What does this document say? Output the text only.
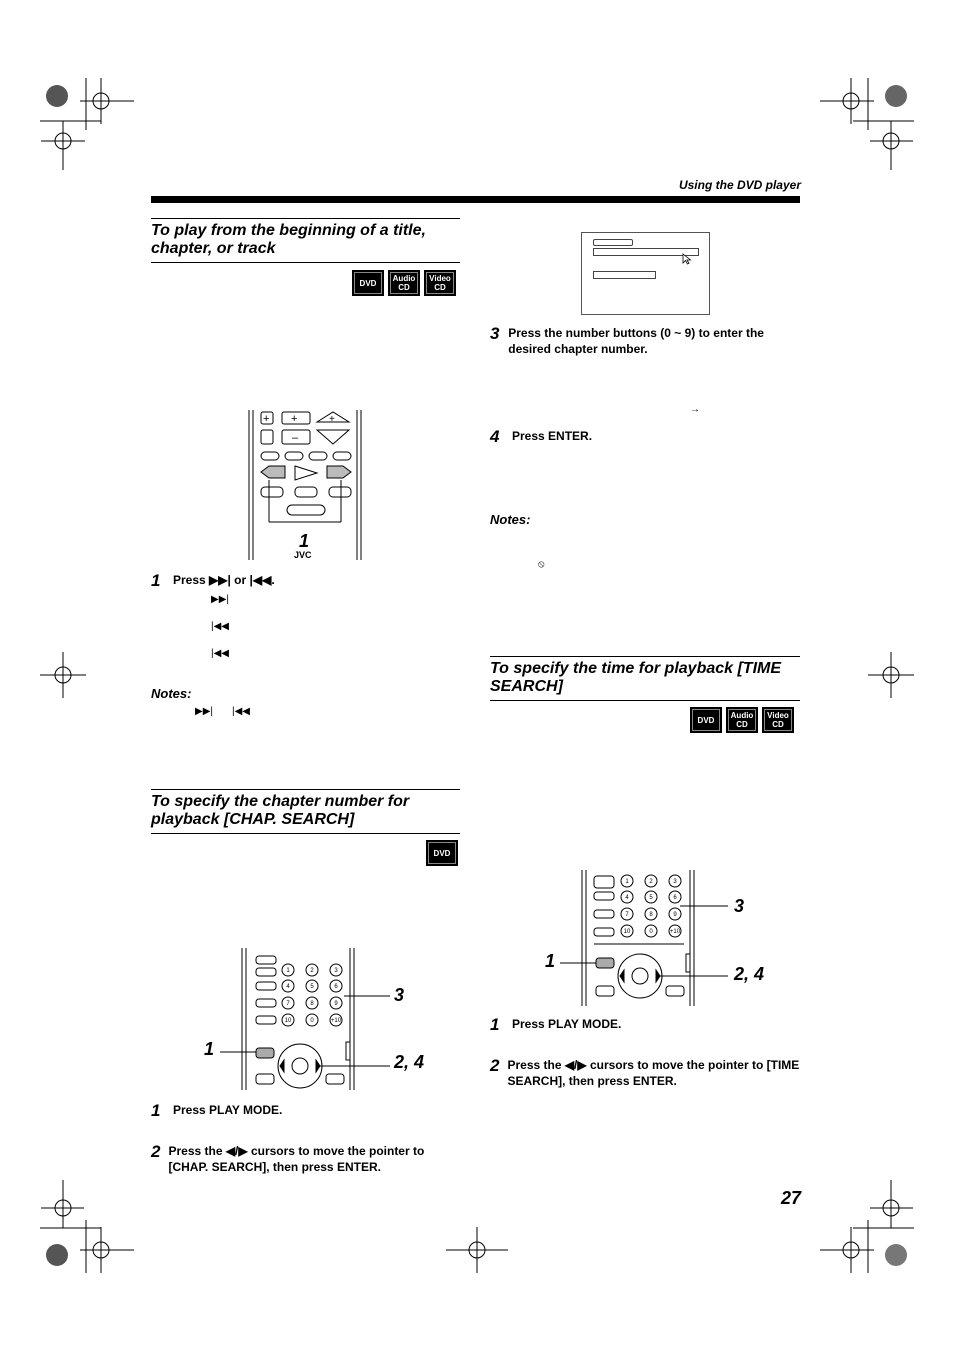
Using the DVD player
To play from the beginning of a title, chapter, or track
DVD Audio
CD
Video
CD
+ +	+
–
1
JVC
1	Press ▶▶| or |◀◀.
▶▶|
|◀◀
|◀◀
Notes:
▶▶| |◀◀
To specify the chapter number for playback [CHAP. SEARCH]
DVD
1	2	3
4	5	6
7	8	9
10	0	+10
1
3
2, 4
1	Press PLAY MODE.
2 Press the ◀/▶ cursors to move the pointer to [CHAP. SEARCH], then press ENTER.
3 Press the number buttons (0 ~ 9) to enter the desired chapter number.
→
4	Press ENTER.
Notes:
⦸
To specify the time for playback [TIME SEARCH]
DVD Audio
CD
Video
CD
1	2	3
4	5	6
7	8	9
10	0	+10
1
3
2, 4
1	Press PLAY MODE.
2 Press the ◀/▶ cursors to move the pointer to [TIME SEARCH], then press ENTER.
27
